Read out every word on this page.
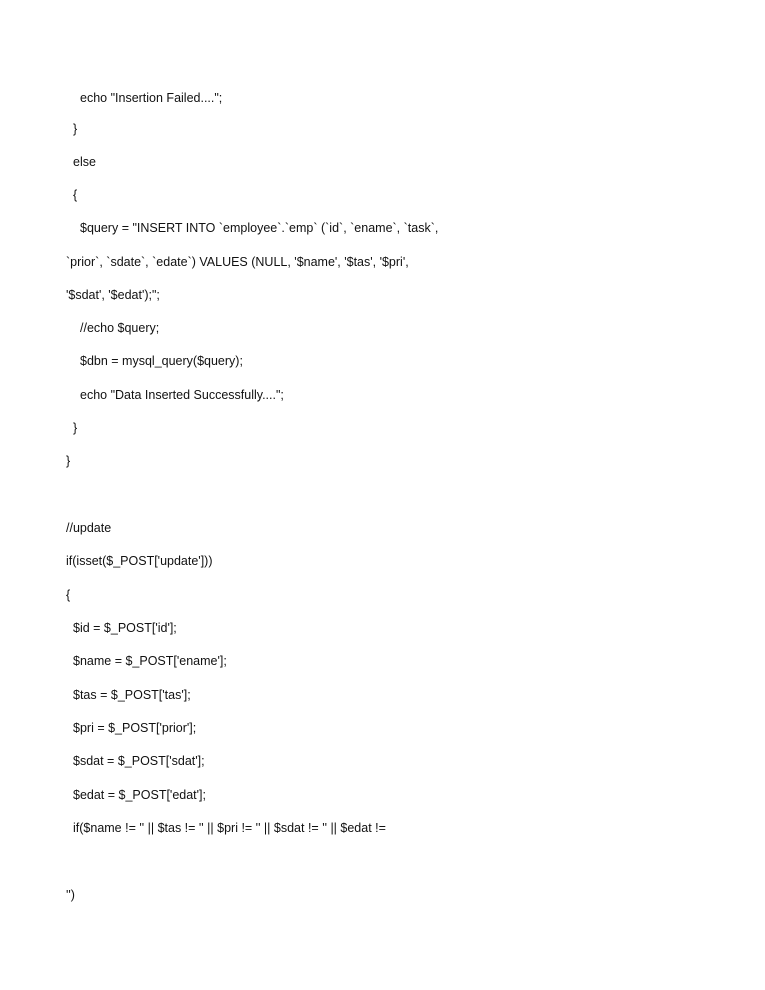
echo "Insertion Failed....";
}
else
{
$query = "INSERT INTO `employee`.`emp` (`id`, `ename`, `task`,
`prior`, `sdate`, `edate`) VALUES (NULL, '$name', '$tas', '$pri',
'$sdat', '$edat');";
//echo $query;
$dbn = mysql_query($query);
echo "Data Inserted Successfully....";
}
}
//update
if(isset($_POST['update']))
{
$id = $_POST['id'];
$name = $_POST['ename'];
$tas = $_POST['tas'];
$pri = $_POST['prior'];
$sdat = $_POST['sdat'];
$edat = $_POST['edat'];
if($name != '' || $tas != '' || $pri != '' || $sdat != '' || $edat !=
'')
